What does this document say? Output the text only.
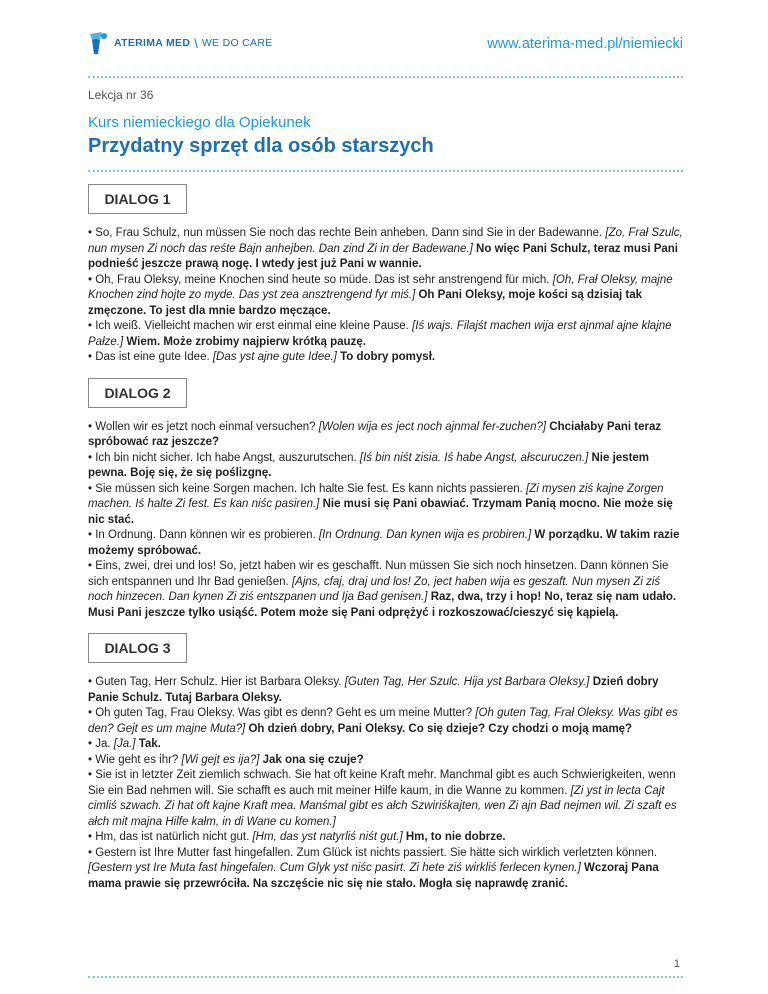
ATERIMA MED \ WE DO CARE	www.aterima-med.pl/niemiecki
Lekcja nr 36
Kurs niemieckiego dla Opiekunek
Przydatny sprzęt dla osób starszych
DIALOG 1
• So, Frau Schulz, nun müssen Sie noch das rechte Bein anheben. Dann sind Sie in der Badewanne. [Zo, Frał Szulc, nun mysen Zi noch das reśte Bajn anhejben. Dan zind Zi in der Badewane.] No więc Pani Schulz, teraz musi Pani podnieść jeszcze prawą nogę. I wtedy jest już Pani w wannie.
• Oh, Frau Oleksy, meine Knochen sind heute so müde. Das ist sehr anstrengend für mich. [Oh, Frał Oleksy, majne Knochen zind hojte zo myde. Das yst zea ansztrengend fyr miś.] Oh Pani Oleksy, moje kości są dzisiaj tak zmęczone. To jest dla mnie bardzo męczące.
• Ich weiß. Vielleicht machen wir erst einmal eine kleine Pause. [Iś wajs. Filajśt machen wija erst ajnmal ajne klajne Pałze.] Wiem. Może zrobimy najpierw krótką pauzę.
• Das ist eine gute Idee. [Das yst ajne gute Idee.] To dobry pomysł.
DIALOG 2
• Wollen wir es jetzt noch einmal versuchen? [Wolen wija es ject noch ajnmal fer-zuchen?] Chciałaby Pani teraz spróbować raz jeszcze?
• Ich bin nicht sicher. Ich habe Angst, auszurutschen. [Iś bin niśt zisia. Iś habe Angst, ałscuruczen.] Nie jestem pewna. Boję się, że się poślizgnę.
• Sie müssen sich keine Sorgen machen. Ich halte Sie fest. Es kann nichts passieren. [Zi mysen ziś kajne Zorgen machen. Iś halte Zi fest. Es kan niśc pasiren.] Nie musi się Pani obawiać. Trzymam Panią mocno. Nie może się nic stać.
• In Ordnung. Dann können wir es probieren. [In Ordnung. Dan kynen wija es probiren.] W porządku. W takim razie możemy spróbować.
• Eins, zwei, drei und los! So, jetzt haben wir es geschafft. Nun müssen Sie sich noch hinsetzen. Dann können Sie sich entspannen und Ihr Bad genießen. [Ajns, cfaj, draj und los! Zo, ject haben wija es geszaft. Nun mysen Zi ziś noch hinzecen. Dan kynen Zi ziś entszpanen und Ija Bad genisen.] Raz, dwa, trzy i hop! No, teraz się nam udało. Musi Pani jeszcze tylko usiąść. Potem może się Pani odprężyć i rozkoszować/cieszyć się kąpielą.
DIALOG 3
• Guten Tag, Herr Schulz. Hier ist Barbara Oleksy. [Guten Tag, Her Szulc. Hija yst Barbara Oleksy.] Dzień dobry Panie Schulz. Tutaj Barbara Oleksy.
• Oh guten Tag, Frau Oleksy. Was gibt es denn? Geht es um meine Mutter? [Oh guten Tag, Frał Oleksy. Was gibt es den? Gejt es um majne Muta?] Oh dzień dobry, Pani Oleksy. Co się dzieje? Czy chodzi o moją mamę?
• Ja. [Ja.] Tak.
• Wie geht es ihr? [Wi gejt es ija?] Jak ona się czuje?
• Sie ist in letzter Zeit ziemlich schwach. Sie hat oft keine Kraft mehr. Manchmal gibt es auch Schwierigkeiten, wenn Sie ein Bad nehmen will. Sie schafft es auch mit meiner Hilfe kaum, in die Wanne zu kommen. [Zi yst in lecta Cajt cimliś szwach. Zi hat oft kajne Kraft mea. Manśmal gibt es ałch Szwiriśkajten, wen Zi ajn Bad nejmen wil. Zi szaft es ałch mit majna Hilfe kałm, in di Wane cu komen.]
• Hm, das ist natürlich nicht gut. [Hm, das yst natyrliś niśt gut.] Hm, to nie dobrze.
• Gestern ist Ihre Mutter fast hingefallen. Zum Glück ist nichts passiert. Sie hätte sich wirklich verletzten können. [Gestern yst Ire Muta fast hingefalen. Cum Glyk yst niśc pasirt. Zi hete ziś wirkliś ferlecen kynen.] Wczoraj Pana mama prawie się przewróciła. Na szczęście nic się nie stało. Mogła się naprawdę zranić.
1
